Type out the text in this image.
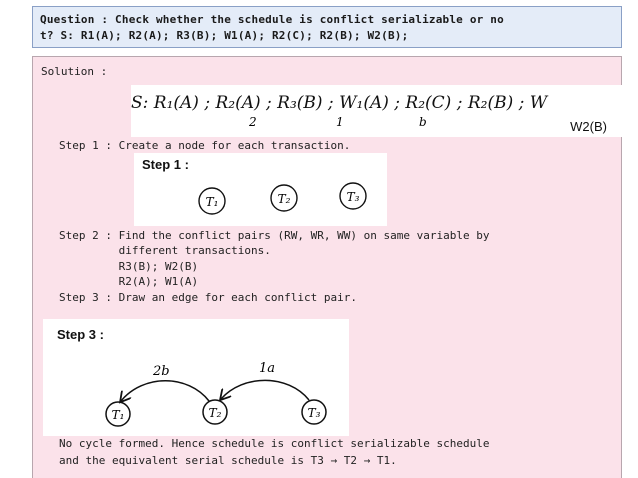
Question : Check whether the schedule is conflict serializable or no
t? S: R1(A); R2(A); R3(B); W1(A); R2(C); R2(B); W2(B);
Solution :
S: R₁(A) ; R₂(A) ; R₃(B) ; W₁(A) ; R₂(C) ; R₂(B) ; W
2	1	b	W2(B)
Step 1 : Create a node for each transaction.
Step 1 :
T₁	T₂	T₃
Step 2 : Find the conflict pairs (RW, WR, WW) on same variable by
different transactions.
R3(B); W2(B)
R2(A); W1(A)
Step 3 : Draw an edge for each conflict pair.
Step 3 :
T₁	T₂	T₃
2b	1a
No cycle formed. Hence schedule is conflict serializable schedule
and the equivalent serial schedule is T3 → T2 → T1.
